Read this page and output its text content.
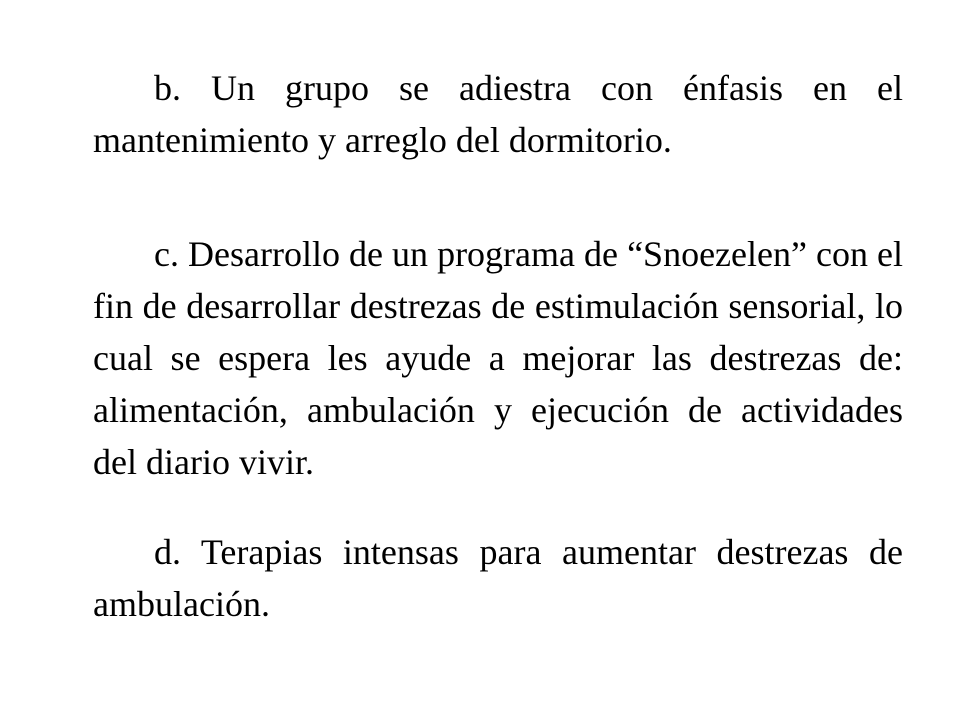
b. Un grupo se adiestra con énfasis en el mantenimiento y arreglo del dormitorio.

c. Desarrollo de un programa de “Snoezelen” con el fin de desarrollar destrezas de estimulación sensorial, lo cual se espera les ayude a mejorar las destrezas de: alimentación, ambulación y ejecución de actividades del diario vivir.

d. Terapias intensas para aumentar destrezas de ambulación.
